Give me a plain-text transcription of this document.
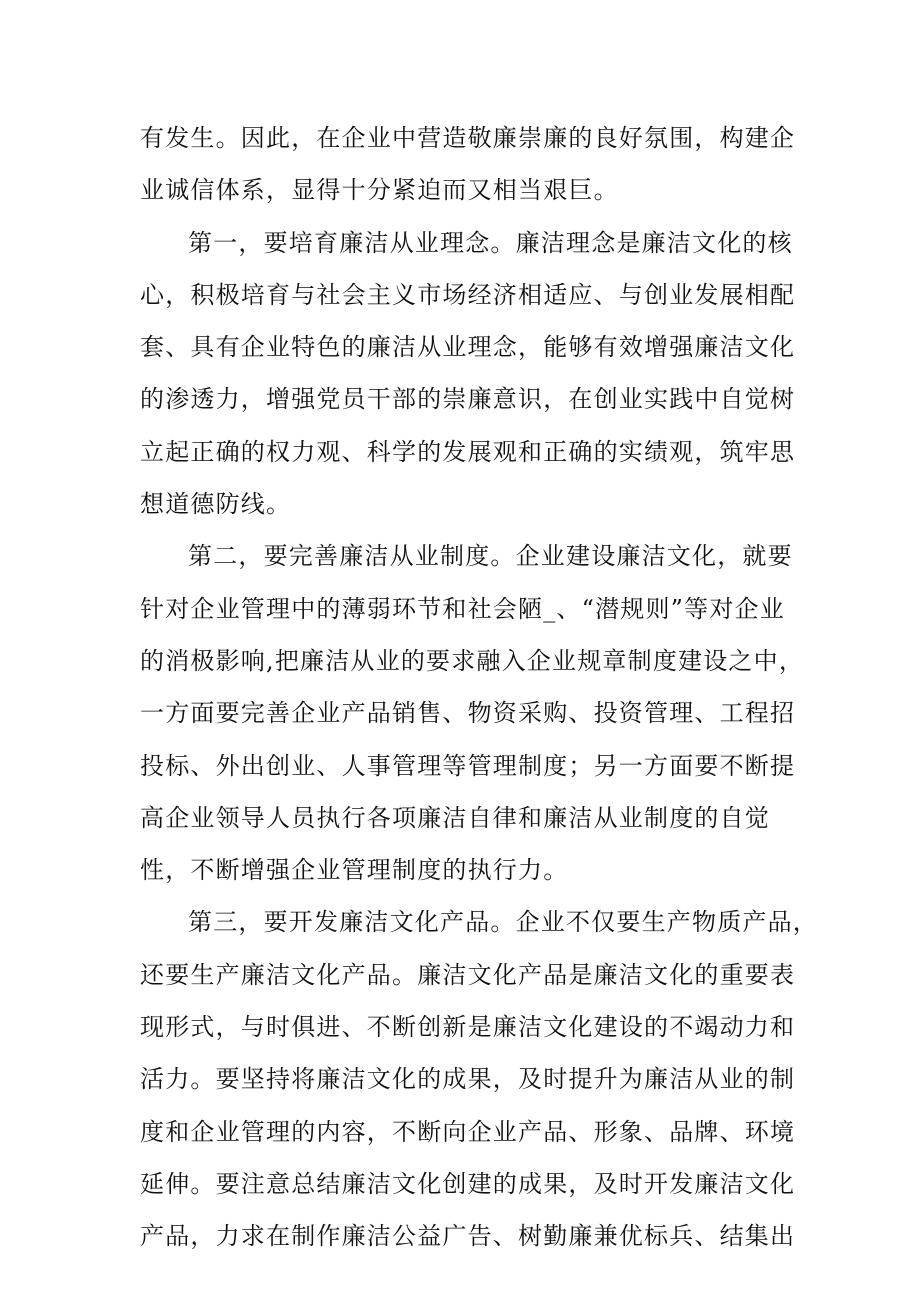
有发生。因此，在企业中营造敬廉崇廉的良好氛围，构建企
业诚信体系，显得十分紧迫而又相当艰巨。
第一，要培育廉洁从业理念。廉洁理念是廉洁文化的核
心，积极培育与社会主义市场经济相适应、与创业发展相配
套、具有企业特色的廉洁从业理念，能够有效增强廉洁文化
的渗透力，增强党员干部的崇廉意识，在创业实践中自觉树
立起正确的权力观、科学的发展观和正确的实绩观，筑牢思
想道德防线。
第二，要完善廉洁从业制度。企业建设廉洁文化，就要
针对企业管理中的薄弱环节和社会陋_、“潜规则”等对企业
的消极影响,把廉洁从业的要求融入企业规章制度建设之中，
一方面要完善企业产品销售、物资采购、投资管理、工程招
投标、外出创业、人事管理等管理制度；另一方面要不断提
高企业领导人员执行各项廉洁自律和廉洁从业制度的自觉
性，不断增强企业管理制度的执行力。
第三，要开发廉洁文化产品。企业不仅要生产物质产品，
还要生产廉洁文化产品。廉洁文化产品是廉洁文化的重要表
现形式，与时俱进、不断创新是廉洁文化建设的不竭动力和
活力。要坚持将廉洁文化的成果，及时提升为廉洁从业的制
度和企业管理的内容，不断向企业产品、形象、品牌、环境
延伸。要注意总结廉洁文化创建的成果，及时开发廉洁文化
产品，力求在制作廉洁公益广告、树勤廉兼优标兵、结集出
